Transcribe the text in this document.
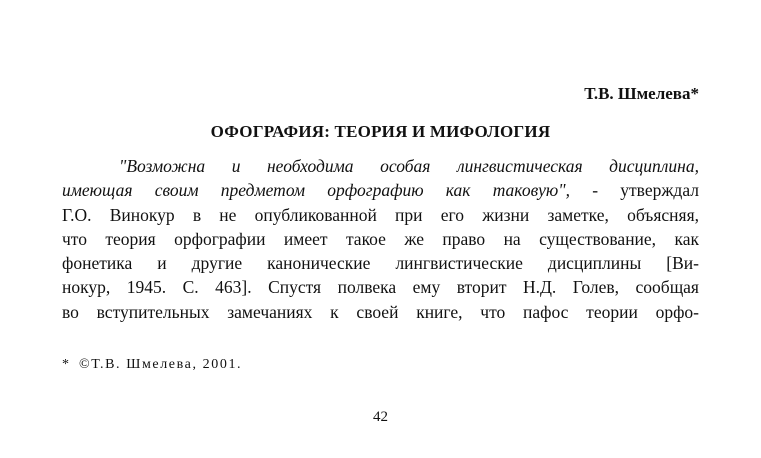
Т.В. Шмелева*
ОФОГРАФИЯ: ТЕОРИЯ И МИФОЛОГИЯ
"Возможна и необходима особая лингвистическая дисциплина,
имеющая своим предметом орфографию как таковую", - утверждал
Г.О. Винокур в не опубликованной при его жизни заметке, объясняя,
что теория орфографии имеет такое же право на существование, как
фонетика и другие канонические лингвистические дисциплины [Ви-
нокур, 1945. С. 463]. Спустя полвека ему вторит Н.Д. Голев, сообщая
во вступительных замечаниях к своей книге, что пафос теории орфо-
* ©Т.В. Шмелева, 2001.
42
